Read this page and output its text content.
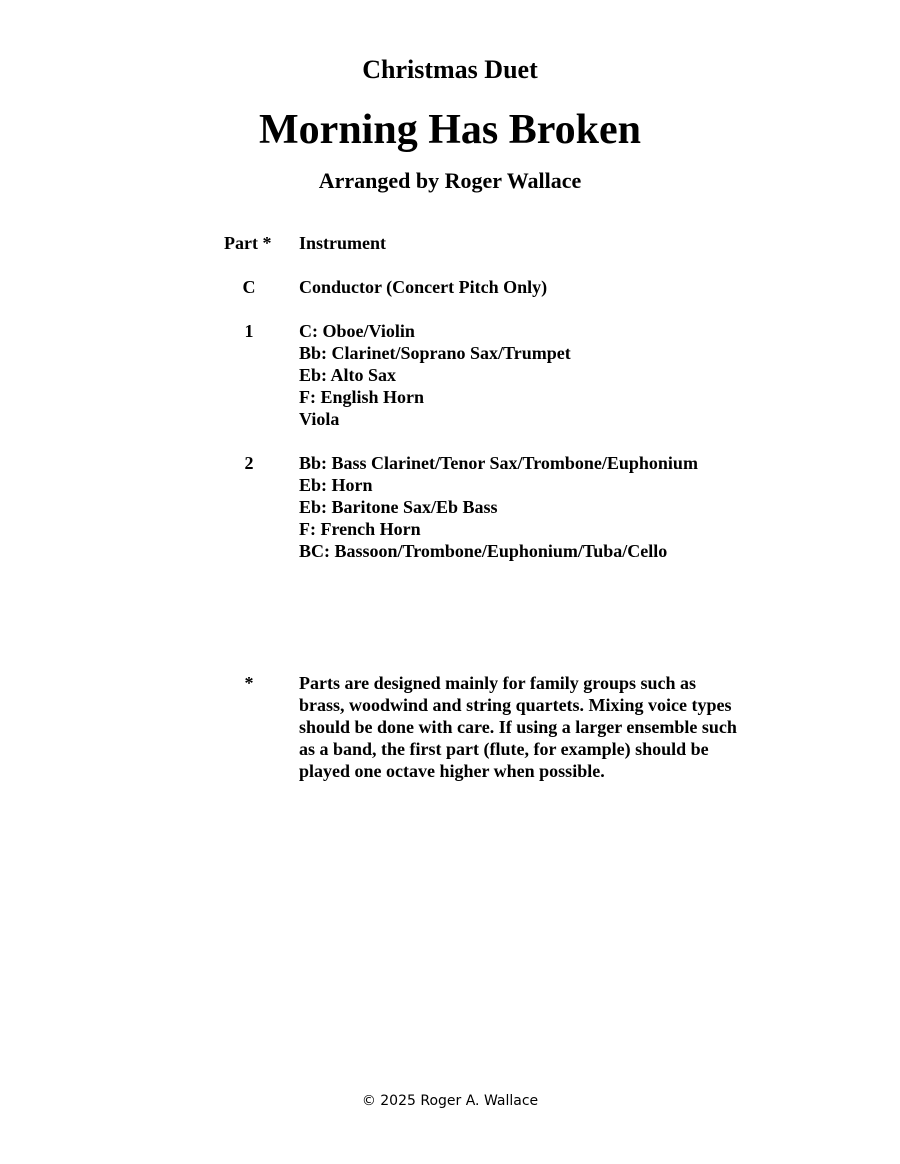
Christmas Duet
Morning Has Broken
Arranged by Roger Wallace
Part *	Instrument
C	Conductor (Concert Pitch Only)
1	C: Oboe/Violin
Bb: Clarinet/Soprano Sax/Trumpet
Eb: Alto Sax
F: English Horn
Viola
2	Bb: Bass Clarinet/Tenor Sax/Trombone/Euphonium
Eb: Horn
Eb: Baritone Sax/Eb Bass
F: French Horn
BC: Bassoon/Trombone/Euphonium/Tuba/Cello
*	Parts are designed mainly for family groups such as brass, woodwind and string quartets. Mixing voice types should be done with care. If using a larger ensemble such as a band, the first part (flute, for example) should be played one octave higher when possible.
© 2025 Roger A. Wallace
